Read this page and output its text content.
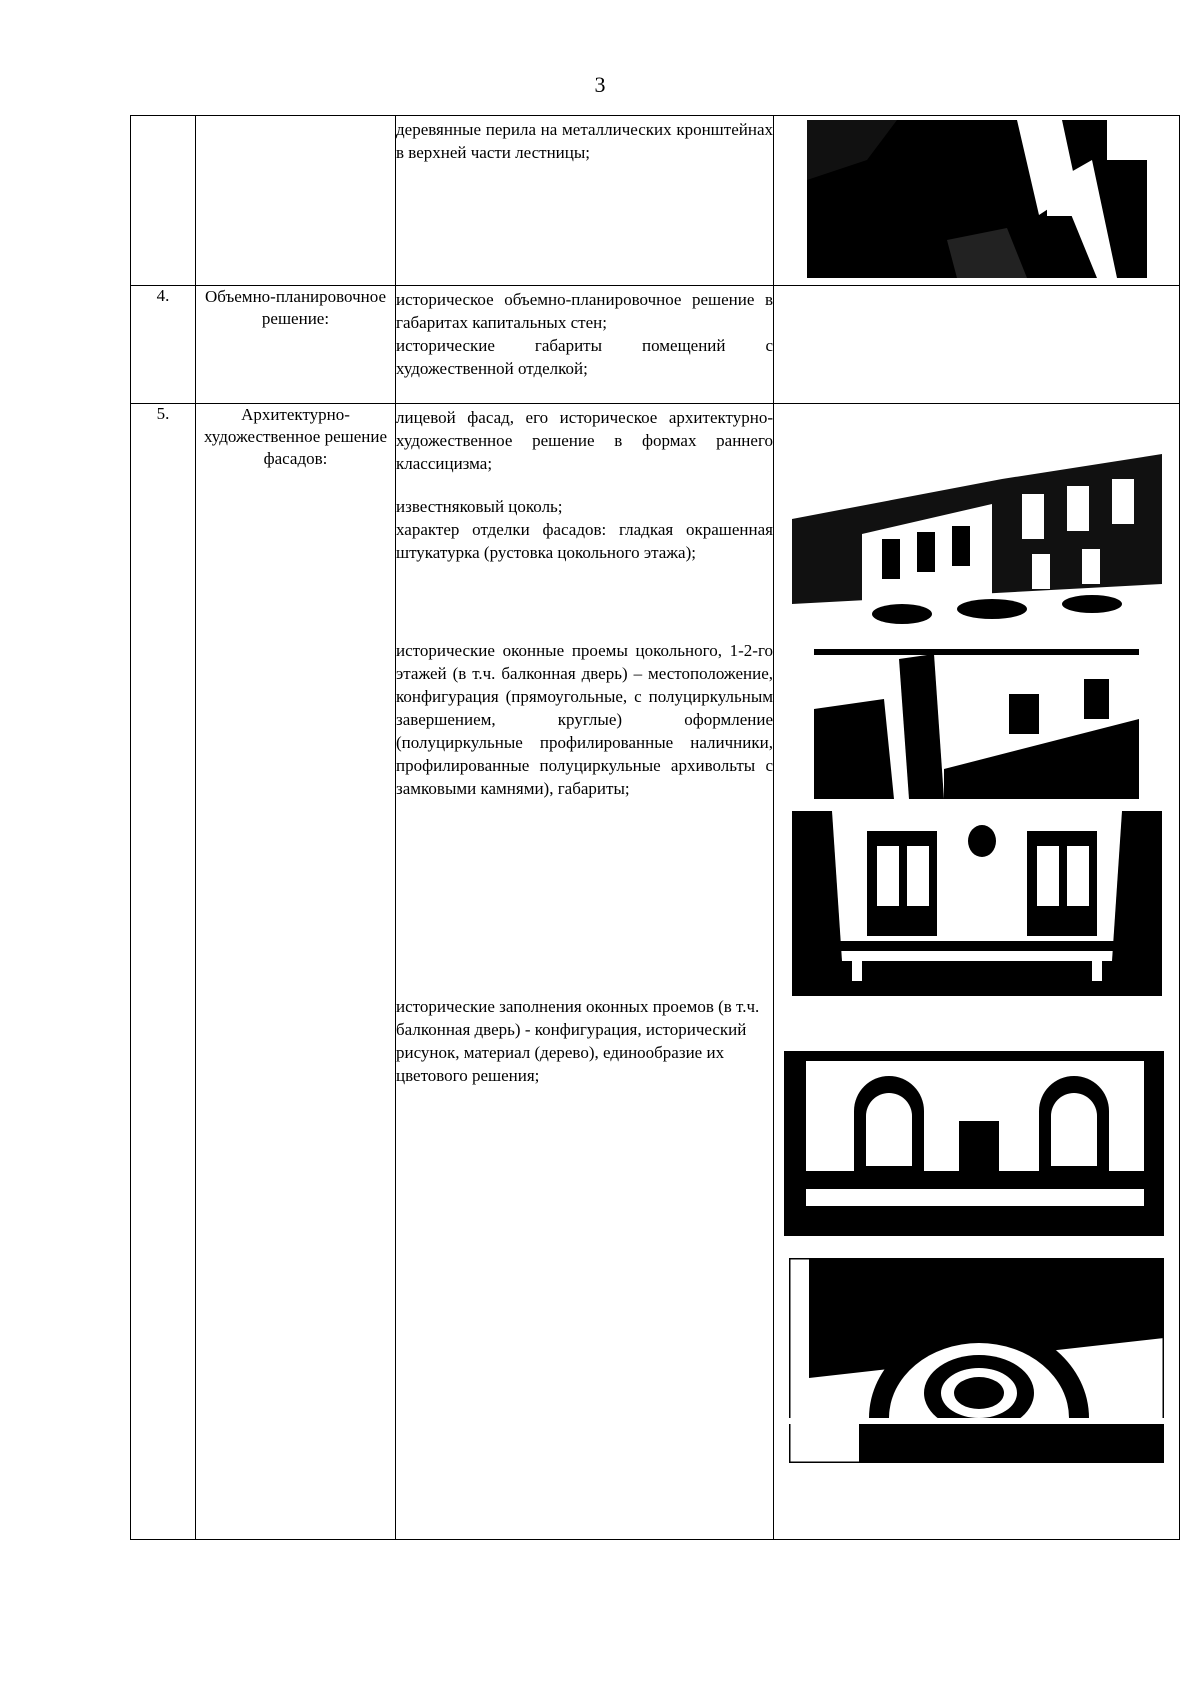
3

		деревянные перила на металлических кронштейнах в верхней части лестницы;

4.	Объемно-планировочное решение:	историческое объемно-планировочное решение в габаритах капитальных стен;

исторические габариты помещений с художественной отделкой;	

5.	Архитектурно-художественное решение фасадов:	лицевой фасад, его историческое архитектурно-художественное решение в формах раннего классицизма;

известняковый цоколь;

характер отделки фасадов: гладкая окрашенная штукатурка (рустовка цокольного этажа);

исторические оконные проемы цокольного, 1-2-го этажей (в т.ч. балконная дверь) – местоположение, конфигурация (прямоугольные, с полуциркульным завершением, круглые) оформление (полуциркульные профилированные наличники, профилированные полуциркульные архивольты с замковыми камнями), габариты;

исторические заполнения оконных проемов (в т.ч. балконная дверь) - конфигурация, исторический рисунок, материал (дерево), единообразие их цветового решения;
